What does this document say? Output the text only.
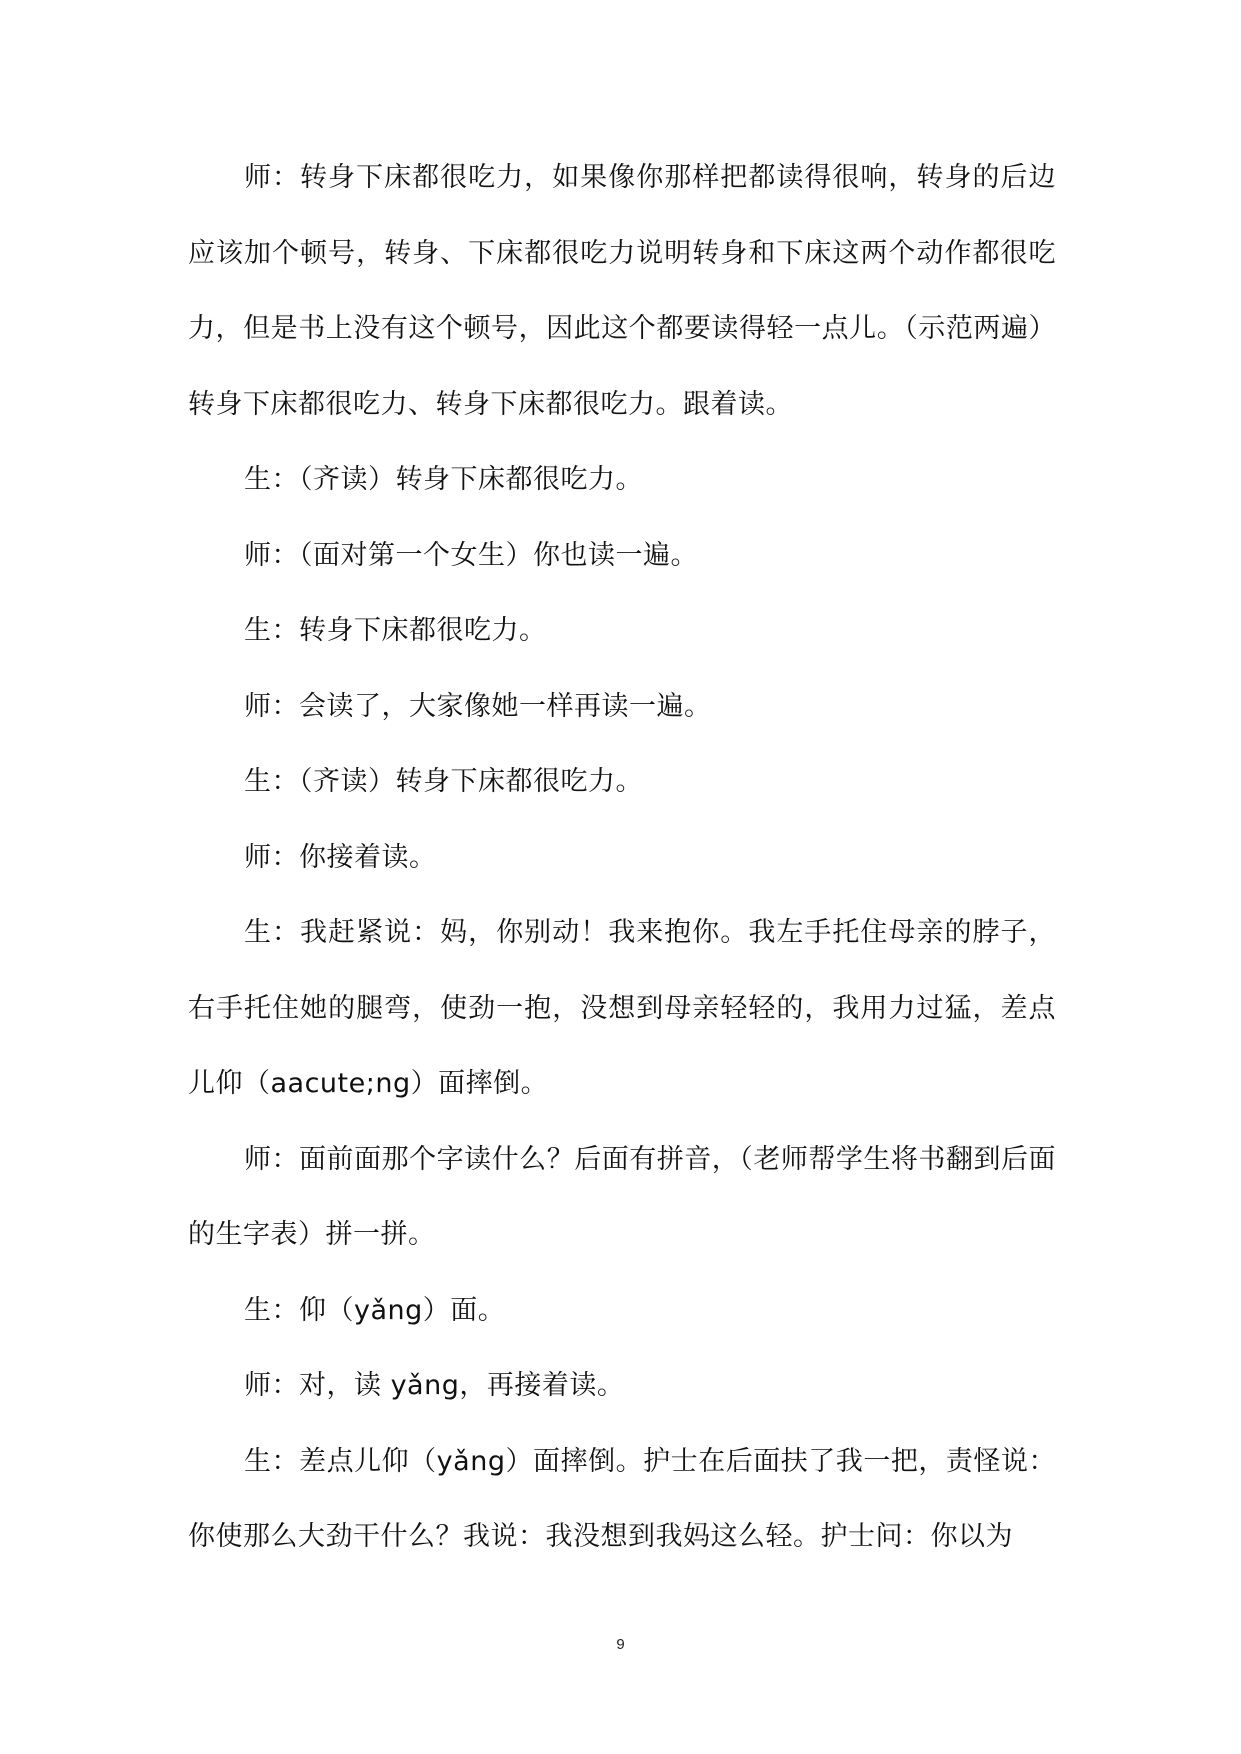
师：转身下床都很吃力，如果像你那样把都读得很响，转身的后边应该加个顿号，转身、下床都很吃力说明转身和下床这两个动作都很吃力，但是书上没有这个顿号，因此这个都要读得轻一点儿。（示范两遍）转身下床都很吃力、转身下床都很吃力。跟着读。

生：（齐读）转身下床都很吃力。

师：（面对第一个女生）你也读一遍。

生：转身下床都很吃力。

师：会读了，大家像她一样再读一遍。

生：（齐读）转身下床都很吃力。

师：你接着读。

生：我赶紧说：妈，你别动！我来抱你。我左手托住母亲的脖子，右手托住她的腿弯，使劲一抱，没想到母亲轻轻的，我用力过猛，差点儿仰（aacute;ng）面摔倒。

师：面前面那个字读什么？后面有拼音，（老师帮学生将书翻到后面的生字表）拼一拼。

生：仰（yǎng）面。

师：对，读 yǎng，再接着读。

生：差点儿仰（yǎng）面摔倒。护士在后面扶了我一把，责怪说：你使那么大劲干什么？我说：我没想到我妈这么轻。护士问：你以为

9
